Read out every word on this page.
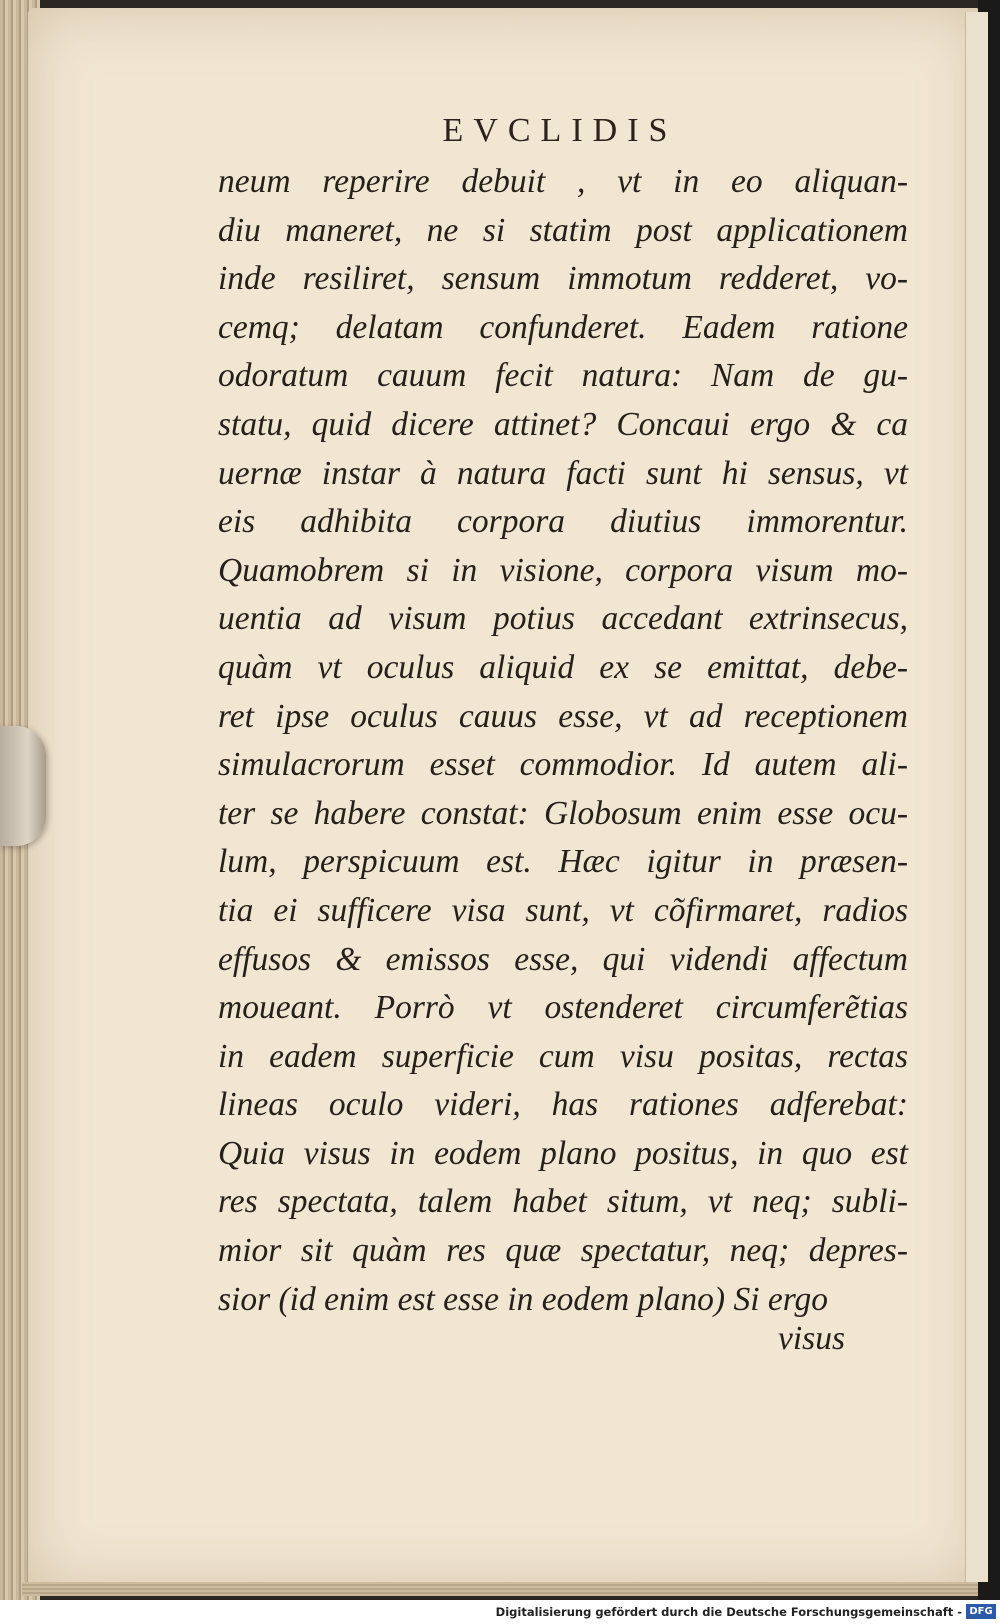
EVCLIDIS
neum reperire debuit , vt in eo aliquan-
diu maneret, ne si statim post applicationem
inde resiliret, sensum immotum redderet, vo-
cemq; delatam confunderet. Eadem ratione
odoratum cauum fecit natura: Nam de gu-
statu, quid dicere attinet? Concaui ergo & ca
uernæ instar à natura facti sunt hi sensus, vt
eis adhibita corpora diutius immorentur.
Quamobrem si in visione, corpora visum mo-
uentia ad visum potius accedant extrinsecus,
quàm vt oculus aliquid ex se emittat, debe-
ret ipse oculus cauus esse, vt ad receptionem
simulacrorum esset commodior. Id autem ali-
ter se habere constat: Globosum enim esse ocu-
lum, perspicuum est. Hæc igitur in præsen-
tia ei sufficere visa sunt, vt cõfirmaret, radios
effusos & emissos esse, qui videndi affectum
moueant. Porrò vt ostenderet circumferẽtias
in eadem superficie cum visu positas, rectas
lineas oculo videri, has rationes adferebat:
Quia visus in eodem plano positus, in quo est
res spectata, talem habet situm, vt neq; subli-
mior sit quàm res quæ spectatur, neq; depres-
sior (id enim est esse in eodem plano) Si ergo
visus
Digitalisierung gefördert durch die Deutsche Forschungsgemeinschaft - DFG
